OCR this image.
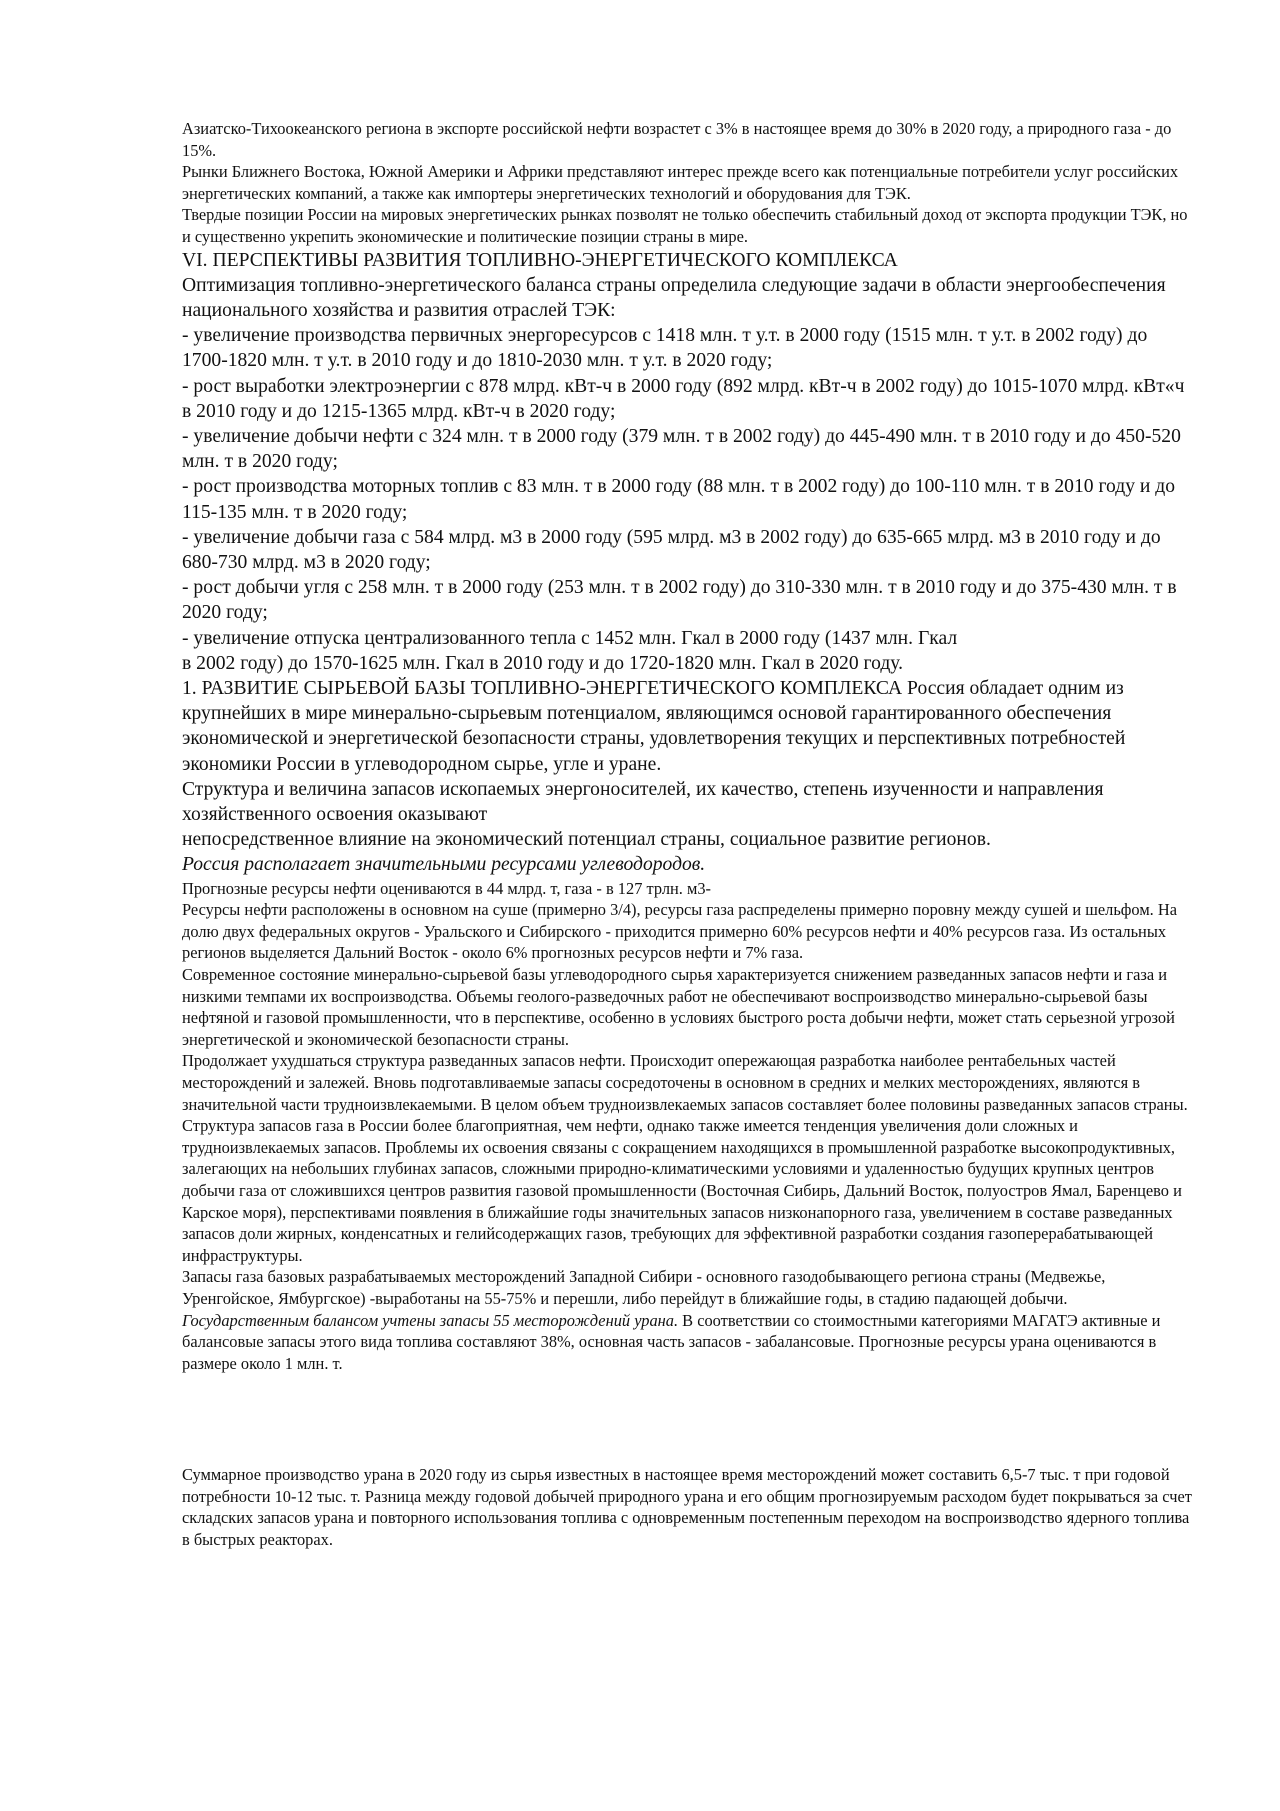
Азиатско-Тихоокеанского региона в экспорте российской нефти возрастет с 3% в настоящее время до 30% в 2020 году, а природного газа - до 15%.

Рынки Ближнего Востока, Южной Америки и Африки представляют интерес прежде всего как потенциальные потребители услуг российских энергетических компаний, а также как импортеры энергетических технологий и оборудования для ТЭК.

Твердые позиции России на мировых энергетических рынках позволят не только обеспечить стабильный доход от экспорта продукции ТЭК, но и существенно укрепить экономические и политические позиции страны в мире.

VI. ПЕРСПЕКТИВЫ РАЗВИТИЯ ТОПЛИВНО-ЭНЕРГЕТИЧЕСКОГО КОМПЛЕКСА

Оптимизация топливно-энергетического баланса страны определила следующие задачи в области энергообеспечения национального хозяйства и развития отраслей ТЭК:

- увеличение производства первичных энергоресурсов с 1418 млн. т у.т. в 2000 году (1515 млн. т у.т. в 2002 году) до 1700-1820 млн. т у.т. в 2010 году и до 1810-2030 млн. т у.т. в 2020 году;

- рост выработки электроэнергии с 878 млрд. кВт-ч в 2000 году (892 млрд. кВт-ч в 2002 году) до 1015-1070 млрд. кВт«ч в 2010 году и до 1215-1365 млрд. кВт-ч в 2020 году;

- увеличение добычи нефти с 324 млн. т в 2000 году (379 млн. т в 2002 году) до 445-490 млн. т в 2010 году и до 450-520 млн. т в 2020 году;

- рост производства моторных топлив с 83 млн. т в 2000 году (88 млн. т в 2002 году) до 100-110 млн. т в 2010 году и до 115-135 млн. т в 2020 году;

- увеличение добычи газа с 584 млрд. м3 в 2000 году (595 млрд. м3 в 2002 году) до 635-665 млрд. м3 в 2010 году и до 680-730 млрд. м3 в 2020 году;

- рост добычи угля с 258 млн. т в 2000 году (253 млн. т в 2002 году) до 310-330 млн. т в 2010 году и до 375-430 млн. т в 2020 году;

- увеличение отпуска централизованного тепла с 1452 млн. Гкал в 2000 году (1437 млн. Гкал
в 2002 году) до 1570-1625 млн. Гкал в 2010 году и до 1720-1820 млн. Гкал в 2020 году.

1. РАЗВИТИЕ СЫРЬЕВОЙ БАЗЫ ТОПЛИВНО-ЭНЕРГЕТИЧЕСКОГО КОМПЛЕКСА Россия обладает одним из крупнейших в мире минерально-сырьевым потенциалом, являющимся основой гарантированного обеспечения экономической и энергетической безопасности страны, удовлетворения текущих и перспективных потребностей экономики России в углеводородном сырье, угле и уране.

Структура и величина запасов ископаемых энергоносителей, их качество, степень изученности и направления хозяйственного освоения оказывают
непосредственное влияние на экономический потенциал страны, социальное развитие регионов.

Россия располагает значительными ресурсами углеводородов.

Прогнозные ресурсы нефти оцениваются в 44 млрд. т, газа - в 127 трлн. м3-

Ресурсы нефти расположены в основном на суше (примерно 3/4), ресурсы газа распределены примерно поровну между сушей и шельфом. На долю двух федеральных округов - Уральского и Сибирского - приходится примерно 60% ресурсов нефти и 40% ресурсов газа. Из остальных регионов выделяется Дальний Восток - около 6% прогнозных ресурсов нефти и 7% газа.

Современное состояние минерально-сырьевой базы углеводородного сырья характеризуется снижением разведанных запасов нефти и газа и низкими темпами их воспроизводства. Объемы геолого-разведочных работ не обеспечивают воспроизводство минерально-сырьевой базы нефтяной и газовой промышленности, что в перспективе, особенно в условиях быстрого роста добычи нефти, может стать серьезной угрозой энергетической и экономической безопасности страны.

Продолжает ухудшаться структура разведанных запасов нефти. Происходит опережающая разработка наиболее рентабельных частей месторождений и залежей. Вновь подготавливаемые запасы сосредоточены в основном в средних и мелких месторождениях, являются в значительной части трудноизвлекаемыми. В целом объем трудноизвлекаемых запасов составляет более половины разведанных запасов страны.

Структура запасов газа в России более благоприятная, чем нефти, однако также имеется тенденция увеличения доли сложных и трудноизвлекаемых запасов. Проблемы их освоения связаны с сокращением находящихся в промышленной разработке высокопродуктивных, залегающих на небольших глубинах запасов, сложными природно-климатическими условиями и удаленностью будущих крупных центров добычи газа от сложившихся центров развития газовой промышленности (Восточная Сибирь, Дальний Восток, полуостров Ямал, Баренцево и Карское моря), перспективами появления в ближайшие годы значительных запасов низконапорного газа, увеличением в составе разведанных запасов доли жирных, конденсатных и гелийсодержащих газов, требующих для эффективной разработки создания газоперерабатывающей инфраструктуры.

Запасы газа базовых разрабатываемых месторождений Западной Сибири - основного газодобывающего региона страны (Медвежье, Уренгойское, Ямбургское) -выработаны на 55-75% и перешли, либо перейдут в ближайшие годы, в стадию падающей добычи.

Государственным балансом учтены запасы 55 месторождений урана. В соответствии со стоимостными категориями МАГАТЭ активные и балансовые запасы этого вида топлива составляют 38%, основная часть запасов - забалансовые. Прогнозные ресурсы урана оцениваются в размере около 1 млн. т.

Суммарное производство урана в 2020 году из сырья известных в настоящее время месторождений может составить 6,5-7 тыс. т при годовой потребности 10-12 тыс. т. Разница между годовой добычей природного урана и его общим прогнозируемым расходом будет покрываться за счет складских запасов урана и повторного использования топлива с одновременным постепенным переходом на воспроизводство ядерного топлива в быстрых реакторах.
